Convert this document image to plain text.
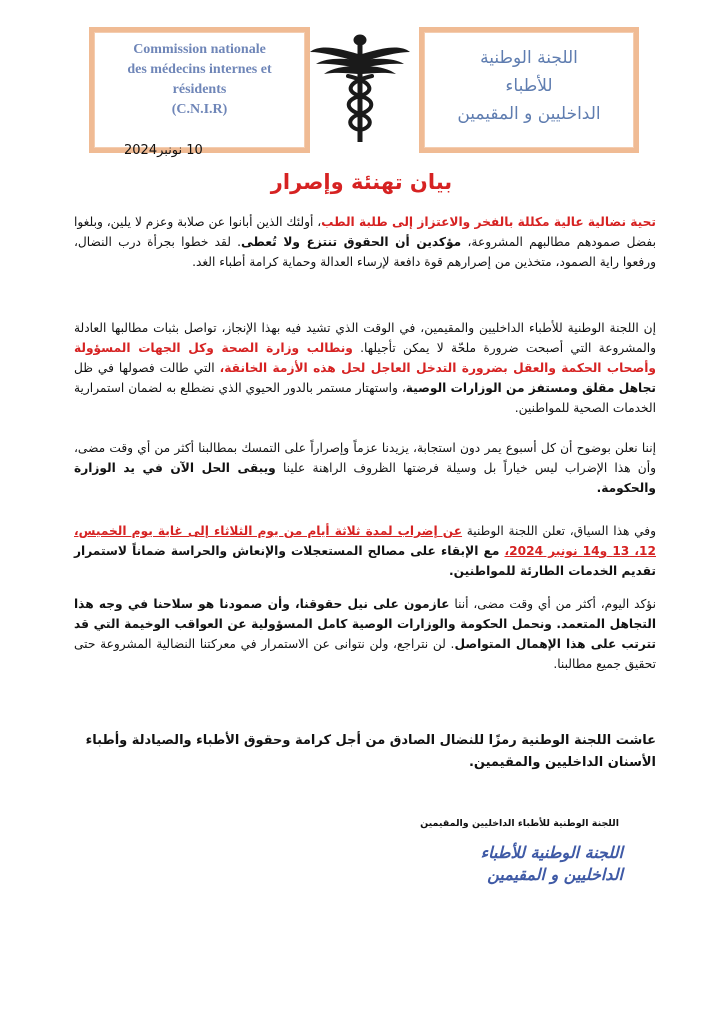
Commission nationale
des médecins internes et
résidents
(C.N.I.R)
اللجنة الوطنية
للأطباء
الداخليين و المقيمين
10 نونبر2024
بيان تهنئة وإصرار
تحية نضالية عالية مكللة بالفخر والاعتزاز إلى طلبة الطب، أولئك الذين أبانوا عن صلابة وعزم لا يلين، وبلغوا بفضل صمودهم مطالبهم المشروعة، مؤكدين أن الحقوق تنتزع ولا تُعطى. لقد خطوا بجرأة درب النضال، ورفعوا راية الصمود، متخذين من إصرارهم قوة دافعة لإرساء العدالة وحماية كرامة أطباء الغد.
إن اللجنة الوطنية للأطباء الداخليين والمقيمين، في الوقت الذي تشيد فيه بهذا الإنجاز، تواصل بثبات مطالبها العادلة والمشروعة التي أصبحت ضرورة ملحّة لا يمكن تأجيلها. ونطالب وزارة الصحة وكل الجهات المسؤولة وأصحاب الحكمة والعقل بضرورة التدخل العاجل لحل هذه الأزمة الخانقة، التي طالت فصولها في ظل تجاهل مقلق ومستفز من الوزارات الوصية، واستهتار مستمر بالدور الحيوي الذي نضطلع به لضمان استمرارية الخدمات الصحية للمواطنين.
إننا نعلن بوضوح أن كل أسبوع يمر دون استجابة، يزيدنا عزماً وإصراراً على التمسك بمطالبنا أكثر من أي وقت مضى، وأن هذا الإضراب ليس خياراً بل وسيلة فرضتها الظروف الراهنة علينا ويبقى الحل الآن في يد الوزارة والحكومة.
وفي هذا السياق، تعلن اللجنة الوطنية عن إضراب لمدة ثلاثة أيام من يوم الثلاثاء إلى غاية يوم الخميس، 12، 13 و14 نونبر 2024، مع الإبقاء على مصالح المستعجلات والإنعاش والحراسة ضماناً لاستمرار تقديم الخدمات الطارئة للمواطنين.
نؤكد اليوم، أكثر من أي وقت مضى، أننا عازمون على نيل حقوقنا، وأن صمودنا هو سلاحنا في وجه هذا التجاهل المتعمد. ونحمل الحكومة والوزارات الوصية كامل المسؤولية عن العواقب الوخيمة التي قد تترتب على هذا الإهمال المتواصل. لن نتراجع، ولن نتوانى عن الاستمرار في معركتنا النضالية المشروعة حتى تحقيق جميع مطالبنا.
عاشت اللجنة الوطنية رمزًا للنضال الصادق من أجل كرامة وحقوق الأطباء والصيادلة وأطباء الأسنان الداخليين والمقيمين.
اللجنة الوطنية للأطباء الداخليين والمقيمين
اللجنة الوطنية للأطباء
الداخليين و المقيمين
